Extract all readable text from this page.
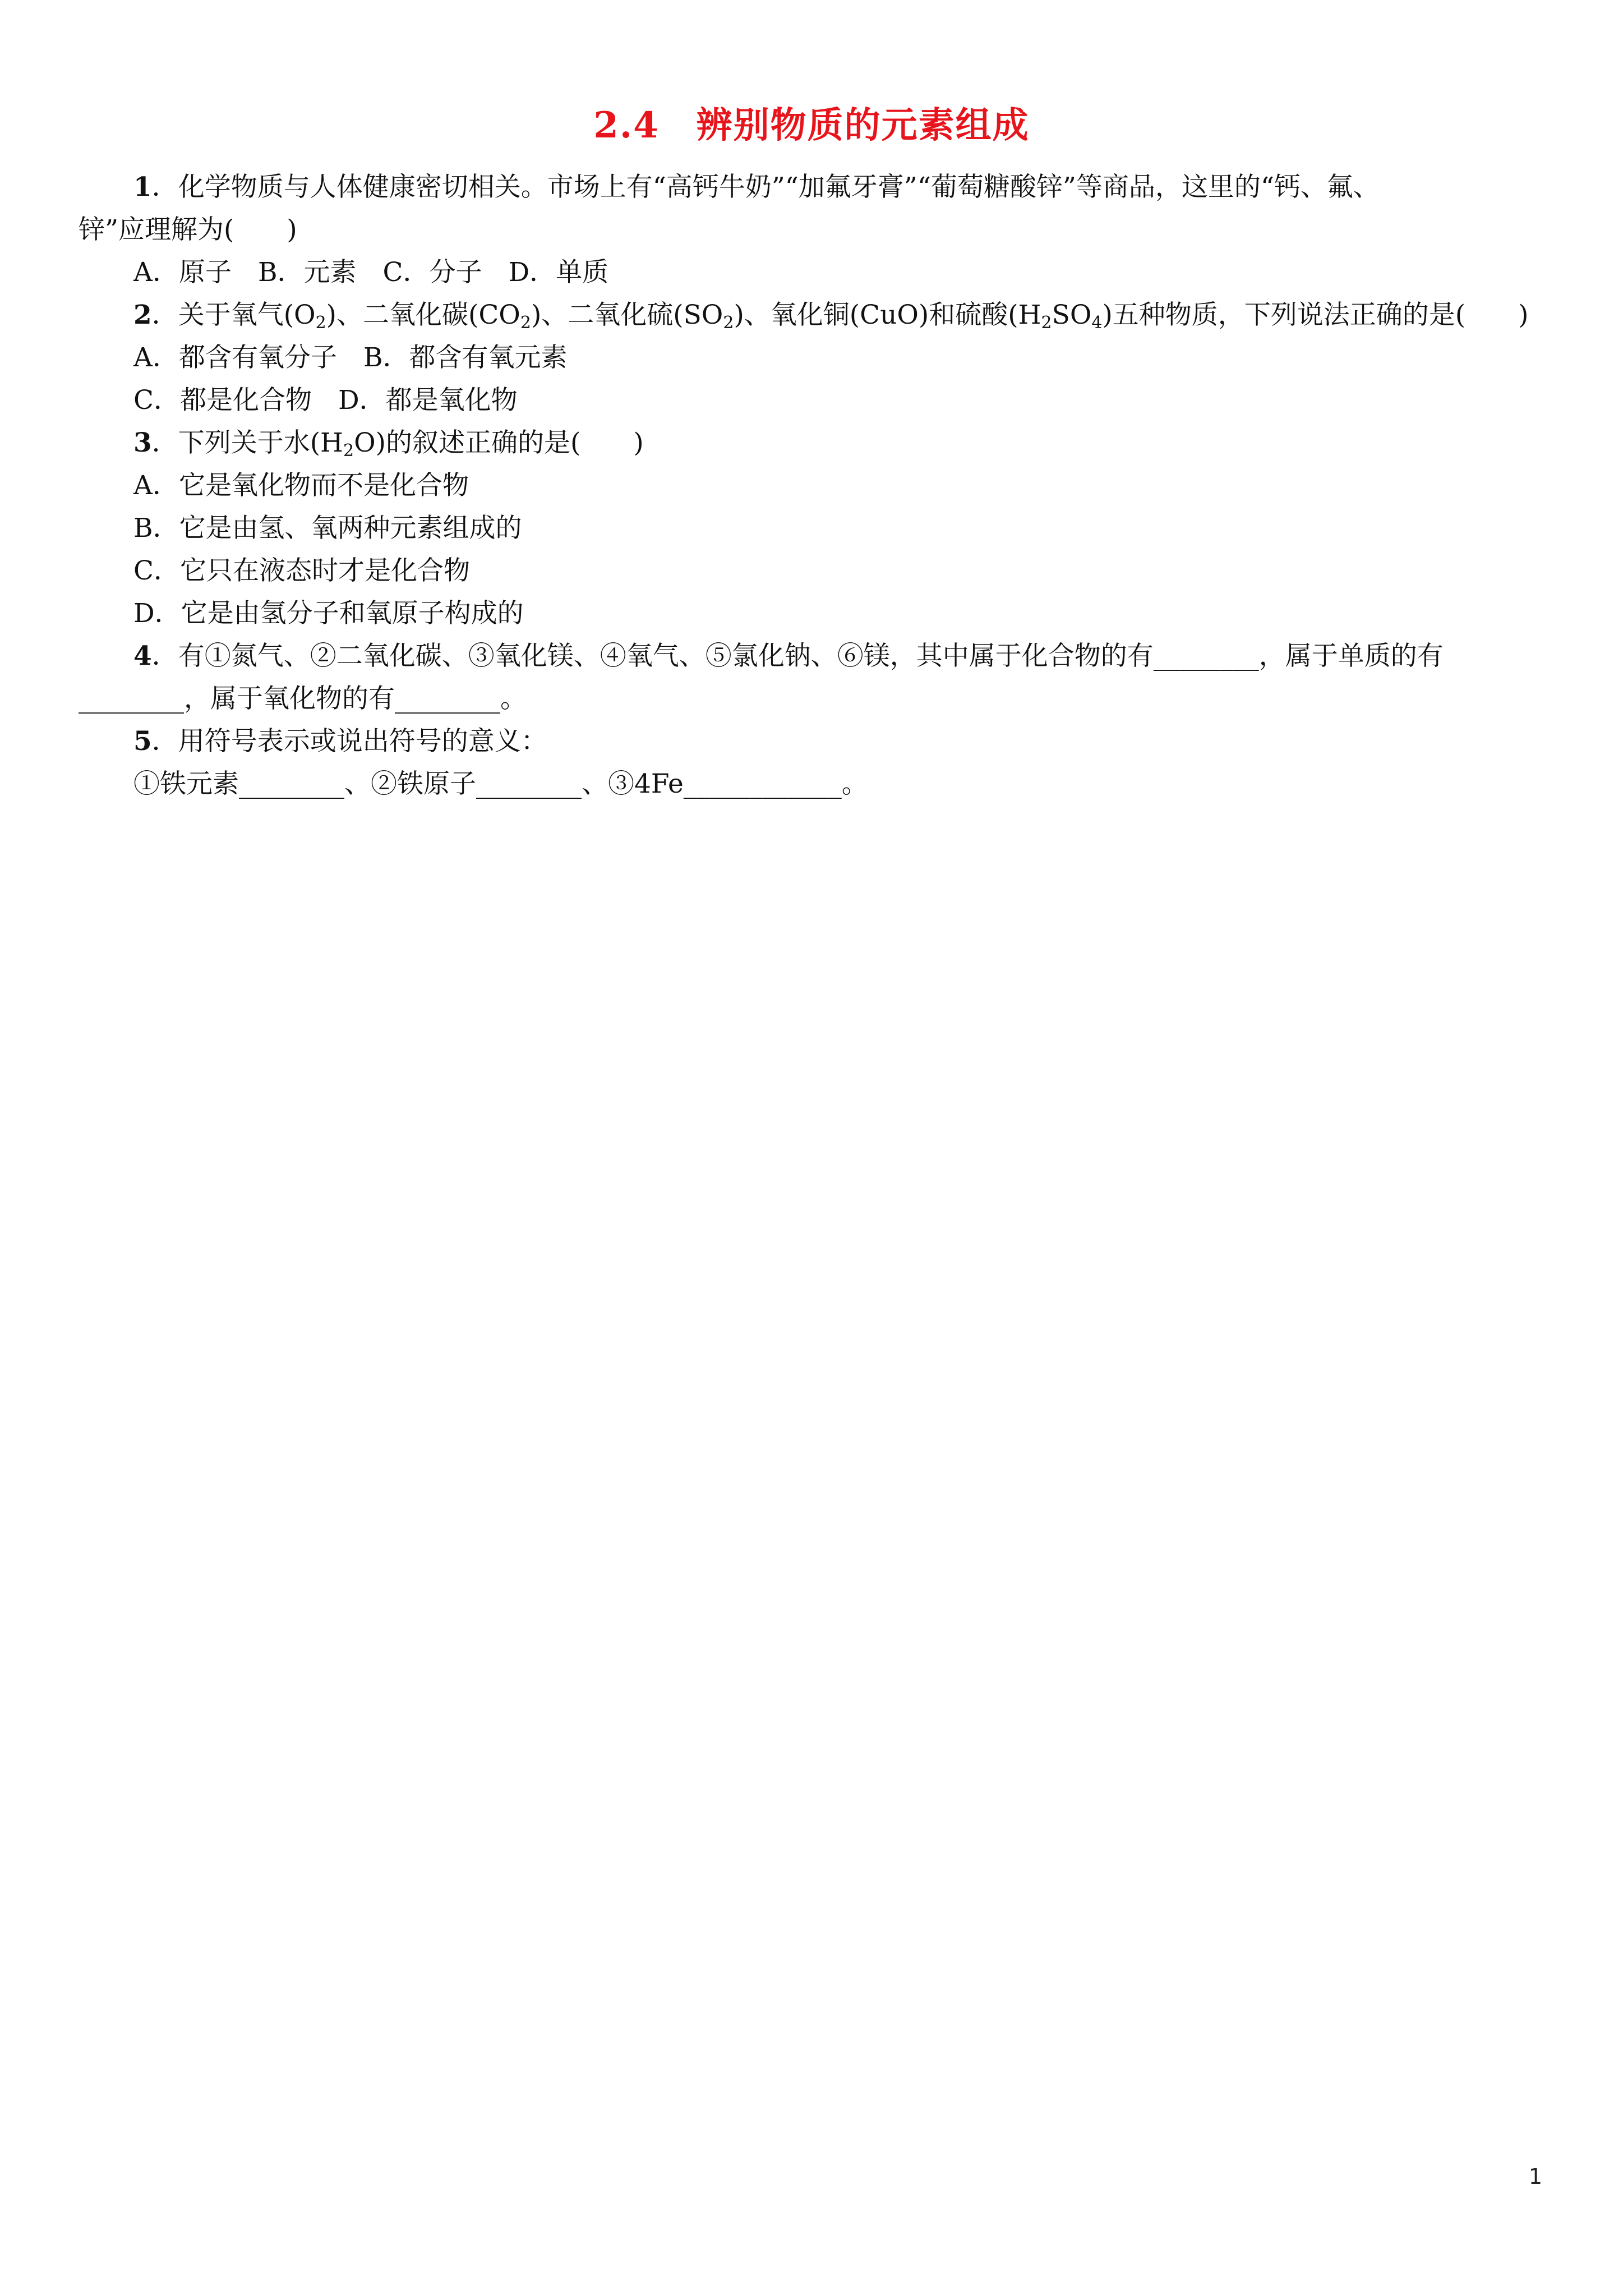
2.4　辨别物质的元素组成
1．化学物质与人体健康密切相关。市场上有“高钙牛奶”“加氟牙膏”“葡萄糖酸锌”等商品，这里的“钙、氟、
锌”应理解为(　　)
A．原子　B．元素　C．分子　D．单质
2．关于氧气$(O_2)$、二氧化碳$(CO_2)$、二氧化硫$(SO_2)$、氧化铜(CuO)和硫酸$(H_2SO_4)$五种物质，下列说法正确的是(　　)
A．都含有氧分子　B．都含有氧元素
C．都是化合物　D．都是氧化物
3．下列关于水$(H_2O)$的叙述正确的是(　　)
A．它是氧化物而不是化合物
B．它是由氢、氧两种元素组成的
C．它只在液态时才是化合物
D．它是由氢分子和氧原子构成的
4．有①氮气、②二氧化碳、③氧化镁、④氧气、⑤氯化钠、⑥镁，其中属于化合物的有________，属于单质的有
________，属于氧化物的有________。
5．用符号表示或说出符号的意义：
①铁元素________、②铁原子________、③4Fe____________。
1
